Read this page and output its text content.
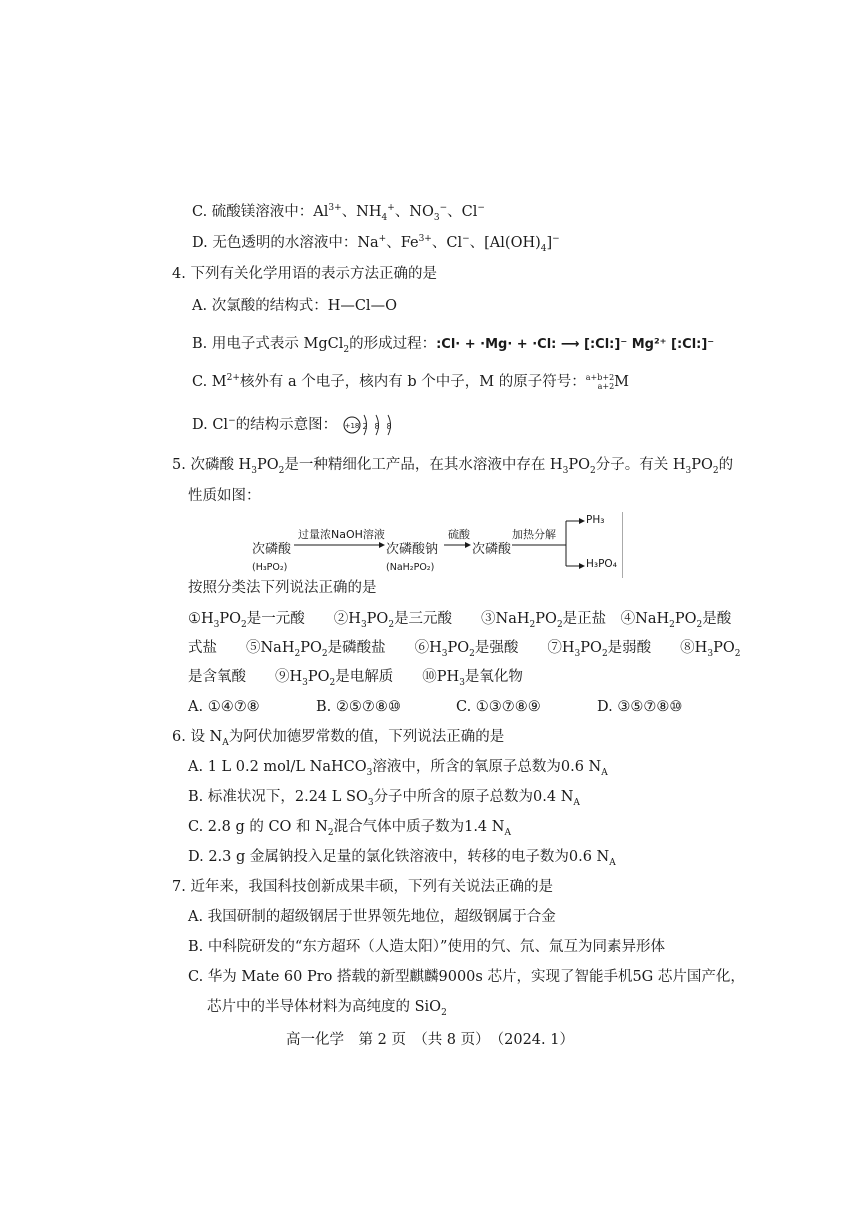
C. 硫酸镁溶液中：$Al^{3+}$、$NH_4^+$、$NO_3^-$、Cl−
D. 无色透明的水溶液中：Na+、$Fe^{3+}$、Cl−、$[Al(OH)_4]^-$
4. 下列有关化学用语的表示方法正确的是
A. 次氯酸的结构式：H—Cl—O
B. 用电子式表示 MgCl$_2$的形成过程：:Cl· + ·Mg· + ·Cl: ⟶ [:Cl:]⁻ Mg²⁺ [:Cl:]⁻
C. $M^{2+}$核外有 a 个电子，核内有 b 个中子，M 的原子符号：a+b+2
a+2M
D. Cl−的结构示意图： +18 2 8 8
5. 次磷酸 $H_3PO_2$是一种精细化工产品，在其水溶液中存在 $H_3PO_2$分子。有关 $H_3PO_2$的
性质如图：
次磷酸
(H₃PO₂)
过量浓NaOH溶液
次磷酸钠
(NaH₂PO₂)
硫酸
次磷酸
加热分解
PH₃
H₃PO₄
按照分类法下列说法正确的是
$①H_3PO_2$是一元酸　　$②H_3PO_2$是三元酸　　$③NaH_2PO_2$是正盐　$④NaH_2PO_2$是酸
式盐　　$⑤NaH_2PO_2$是磷酸盐　　$⑥H_3PO_2$是强酸　　$⑦H_3PO_2$是弱酸　　$⑧H_3PO_2$
是含氧酸　　$⑨H_3PO_2$是电解质　　$⑩PH_3$是氧化物
A. ①④⑦⑧	B. ②⑤⑦⑧⑩	C. ①③⑦⑧⑨	D. ③⑤⑦⑧⑩
6. 设 $N_A$为阿伏加德罗常数的值，下列说法正确的是
A. 1 L 0.2 mol/L NaHCO$_3$溶液中，所含的氧原子总数为0.6 $N_A$
B. 标准状况下，2.24 L $SO_3$分子中所含的原子总数为0.4 $N_A$
C. 2.8 g 的 CO 和 $N_2$混合气体中质子数为1.4 $N_A$
D. 2.3 g 金属钠投入足量的氯化铁溶液中，转移的电子数为0.6 $N_A$
7. 近年来，我国科技创新成果丰硕，下列有关说法正确的是
A. 我国研制的超级钢居于世界领先地位，超级钢属于合金
B. 中科院研发的“东方超环（人造太阳）”使用的氕、氘、氚互为同素异形体
C. 华为 Mate 60 Pro 搭载的新型麒麟9000s 芯片，实现了智能手机5G 芯片国产化，
芯片中的半导体材料为高纯度的 SiO$_2$
高一化学　第 2 页　（共 8 页）　（2024. 1）
